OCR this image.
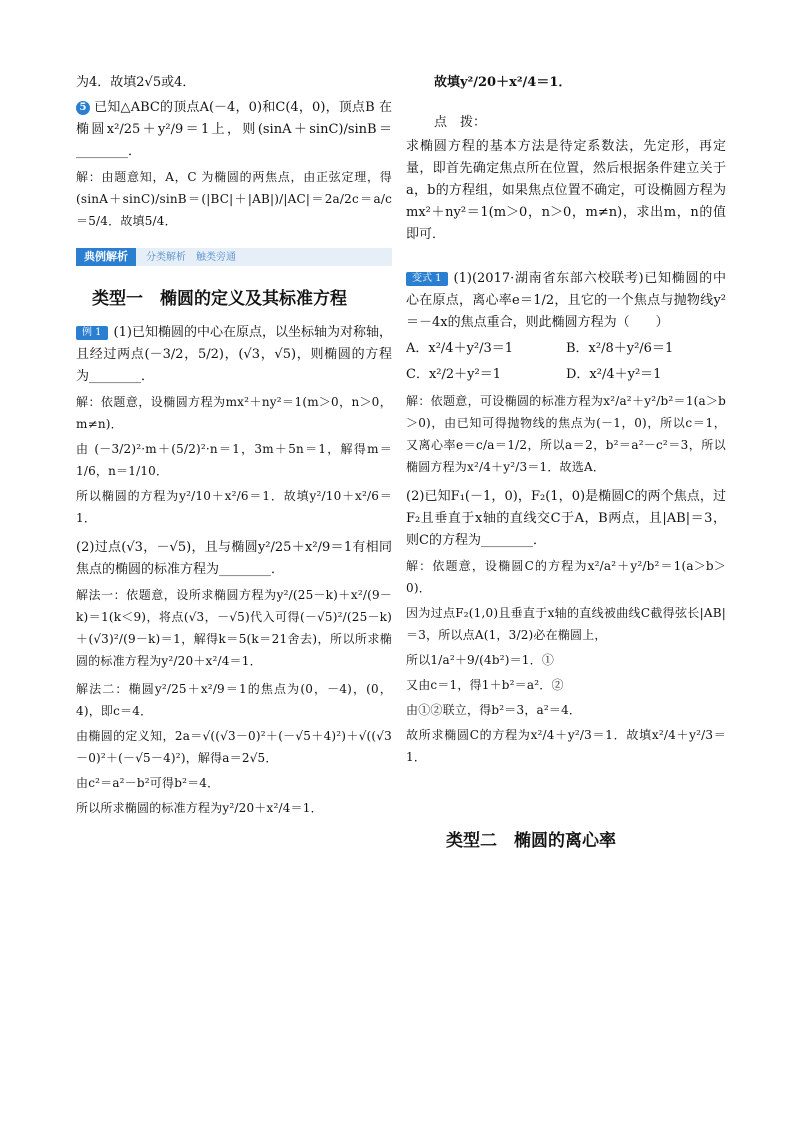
为4．故填2√5或4．

5 已知△ABC的顶点A(－4，0)和C(4，0)，顶点B 在椭圆x²/25＋y²/9＝1上，则(sinA＋sinC)/sinB＝________．

解：由题意知，A，C 为椭圆的两焦点，由正弦定理，得(sinA＋sinC)/sinB＝(|BC|＋|AB|)/|AC|＝2a/2c＝a/c＝5/4．故填5/4．

典例解析 分类解析　触类旁通
类型一　椭圆的定义及其标准方程

例 1 (1)已知椭圆的中心在原点，以坐标轴为对称轴，且经过两点(－3/2，5/2)，(√3，√5)，则椭圆的方程为________．

解：依题意，设椭圆方程为mx²＋ny²＝1(m＞0，n＞0，m≠n)．

由 (－3/2)²·m＋(5/2)²·n＝1，3m＋5n＝1，解得m＝1/6，n＝1/10．

所以椭圆的方程为y²/10＋x²/6＝1．故填y²/10＋x²/6＝1．

(2)过点(√3，－√5)，且与椭圆y²/25＋x²/9＝1有相同焦点的椭圆的标准方程为________．

解法一：依题意，设所求椭圆方程为y²/(25－k)＋x²/(9－k)＝1(k＜9)，将点(√3，－√5)代入可得(－√5)²/(25－k)＋(√3)²/(9－k)＝1，解得k＝5(k＝21舍去)，所以所求椭圆的标准方程为y²/20＋x²/4＝1．

解法二：椭圆y²/25＋x²/9＝1的焦点为(0，－4)，(0，4)，即c＝4．

由椭圆的定义知，2a＝√((√3－0)²＋(－√5＋4)²)＋√((√3－0)²＋(－√5－4)²)，解得a＝2√5．

由c²＝a²－b²可得b²＝4．

所以所求椭圆的标准方程为y²/20＋x²/4＝1．

故填y²/20＋x²/4＝1．

点　拨：

求椭圆方程的基本方法是待定系数法，先定形，再定量，即首先确定焦点所在位置，然后根据条件建立关于a，b的方程组，如果焦点位置不确定，可设椭圆方程为mx²＋ny²＝1(m＞0，n＞0，m≠n)，求出m，n的值即可．

变式 1 (1)(2017·湖南省东部六校联考)已知椭圆的中心在原点，离心率e＝1/2，且它的一个焦点与抛物线y²＝－4x的焦点重合，则此椭圆方程为（　　）

A．x²/4＋y²/3＝1	B．x²/8＋y²/6＝1
C．x²/2＋y²＝1	D．x²/4＋y²＝1

解：依题意，可设椭圆的标准方程为x²/a²＋y²/b²＝1(a＞b＞0)，由已知可得抛物线的焦点为(－1，0)，所以c＝1，又离心率e＝c/a＝1/2，所以a＝2，b²＝a²－c²＝3，所以椭圆方程为x²/4＋y²/3＝1．故选A．

(2)已知F₁(－1，0)，F₂(1，0)是椭圆C的两个焦点，过F₂且垂直于x轴的直线交C于A，B两点，且|AB|＝3，则C的方程为________．

解：依题意，设椭圆C的方程为x²/a²＋y²/b²＝1(a＞b＞0)．

因为过点F₂(1,0)且垂直于x轴的直线被曲线C截得弦长|AB|＝3，所以点A(1，3/2)必在椭圆上，

所以1/a²＋9/(4b²)＝1．①

又由c＝1，得1＋b²＝a²．②

由①②联立，得b²＝3，a²＝4．

故所求椭圆C的方程为x²/4＋y²/3＝1．故填x²/4＋y²/3＝1．

类型二　椭圆的离心率
